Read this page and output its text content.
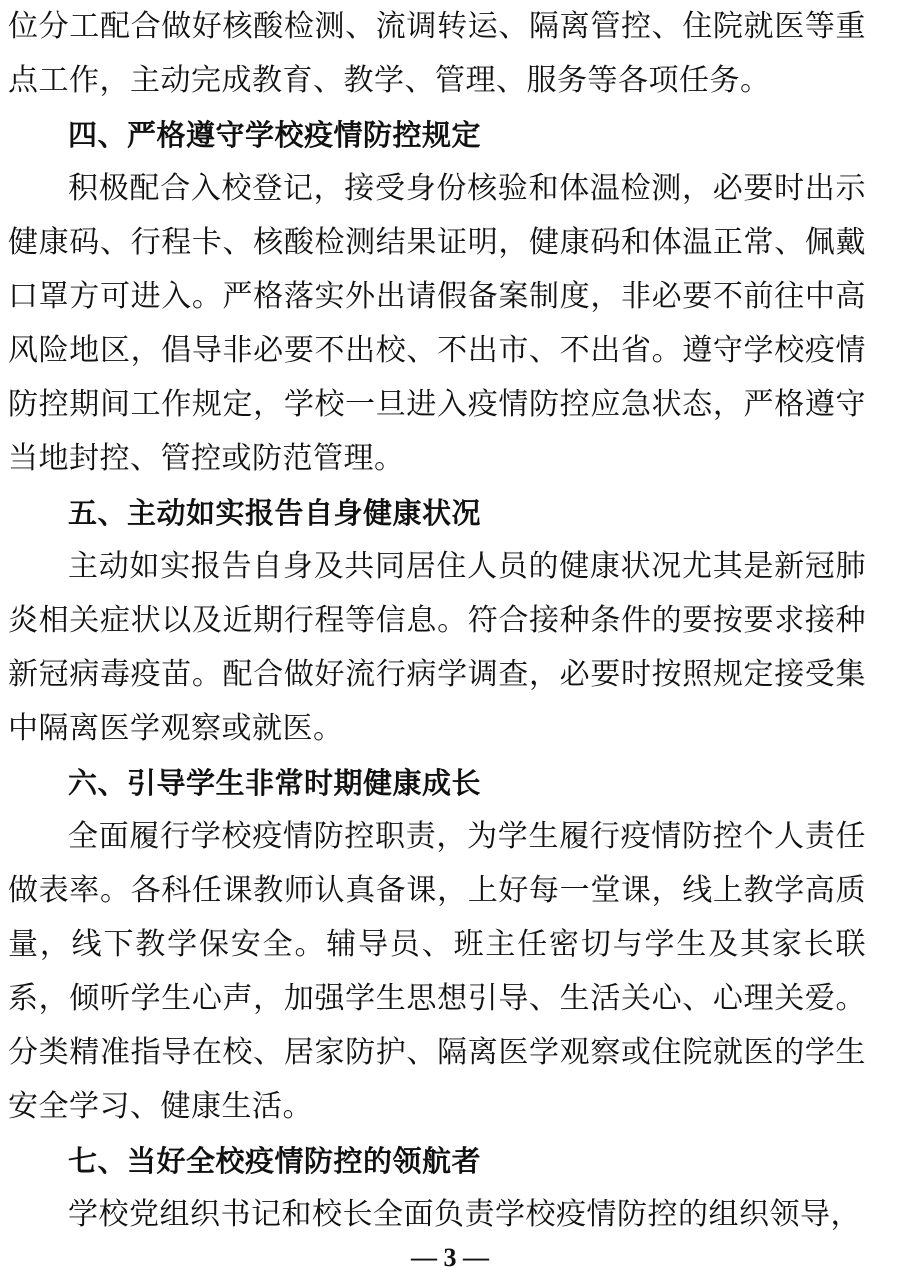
位分工配合做好核酸检测、流调转运、隔离管控、住院就医等重点工作，主动完成教育、教学、管理、服务等各项任务。

四、严格遵守学校疫情防控规定

积极配合入校登记，接受身份核验和体温检测，必要时出示健康码、行程卡、核酸检测结果证明，健康码和体温正常、佩戴口罩方可进入。严格落实外出请假备案制度，非必要不前往中高风险地区，倡导非必要不出校、不出市、不出省。遵守学校疫情防控期间工作规定，学校一旦进入疫情防控应急状态，严格遵守当地封控、管控或防范管理。

五、主动如实报告自身健康状况

主动如实报告自身及共同居住人员的健康状况尤其是新冠肺炎相关症状以及近期行程等信息。符合接种条件的要按要求接种新冠病毒疫苗。配合做好流行病学调查，必要时按照规定接受集中隔离医学观察或就医。

六、引导学生非常时期健康成长

全面履行学校疫情防控职责，为学生履行疫情防控个人责任做表率。各科任课教师认真备课，上好每一堂课，线上教学高质量，线下教学保安全。辅导员、班主任密切与学生及其家长联系，倾听学生心声，加强学生思想引导、生活关心、心理关爱。分类精准指导在校、居家防护、隔离医学观察或住院就医的学生安全学习、健康生活。

七、当好全校疫情防控的领航者

学校党组织书记和校长全面负责学校疫情防控的组织领导，

— 3 —
